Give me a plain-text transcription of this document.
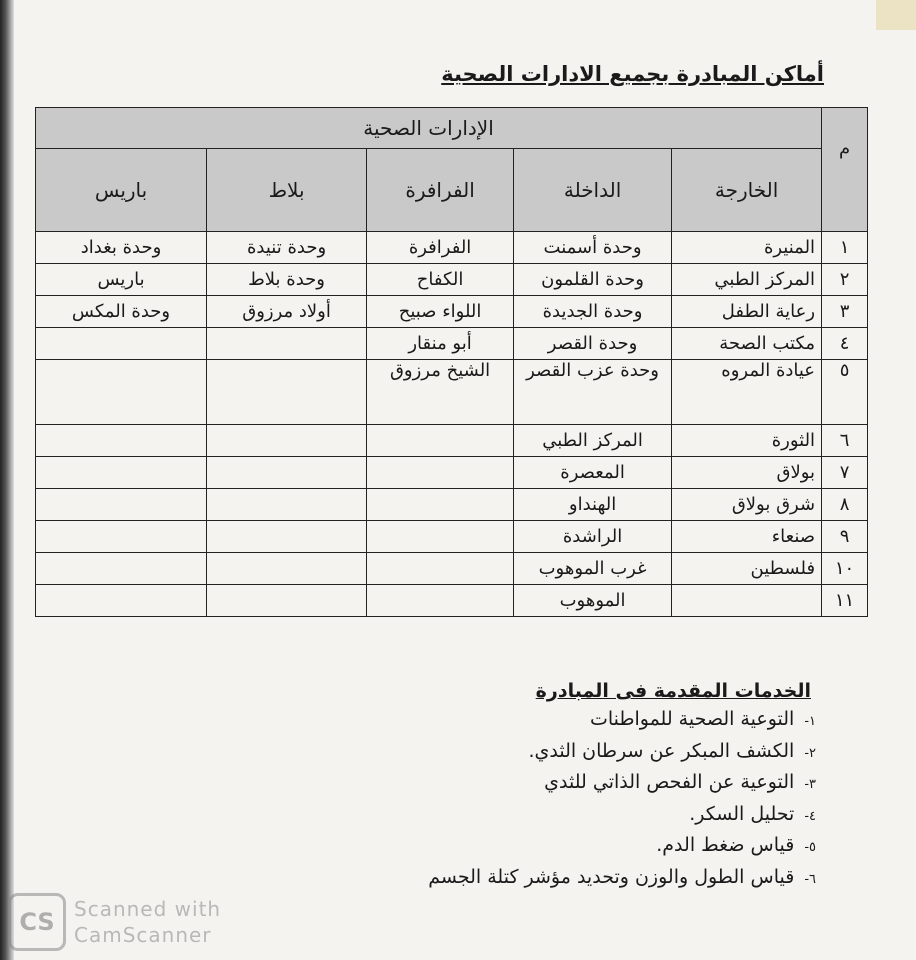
أماكن المبادرة بجميع الادارات الصحية
م	الإدارات الصحية				
	الخارجة	الداخلة	الفرافرة	بلاط	باريس
١	المنيرة	وحدة أسمنت	الفرافرة	وحدة تنيدة	وحدة بغداد
٢	المركز الطبي	وحدة القلمون	الكفاح	وحدة بلاط	باريس
٣	رعاية الطفل	وحدة الجديدة	اللواء صبيح	أولاد مرزوق	وحدة المكس
٤	مكتب الصحة	وحدة القصر	أبو منقار		
٥	عيادة المروه	وحدة عزب القصر	الشيخ مرزوق		
٦	الثورة	المركز الطبي			
٧	بولاق	المعصرة			
٨	شرق بولاق	الهنداو			
٩	صنعاء	الراشدة			
١٠	فلسطين	غرب الموهوب			
١١		الموهوب			
الخدمات المقدمة فى المبادرة
١-التوعية الصحية للمواطنات
٢-الكشف المبكر عن سرطان الثدي.
٣-التوعية عن الفحص الذاتي للثدي
٤-تحليل السكر.
٥-قياس ضغط الدم.
٦-قياس الطول والوزن وتحديد مؤشر كتلة الجسم
CS Scanned with
CamScanner
